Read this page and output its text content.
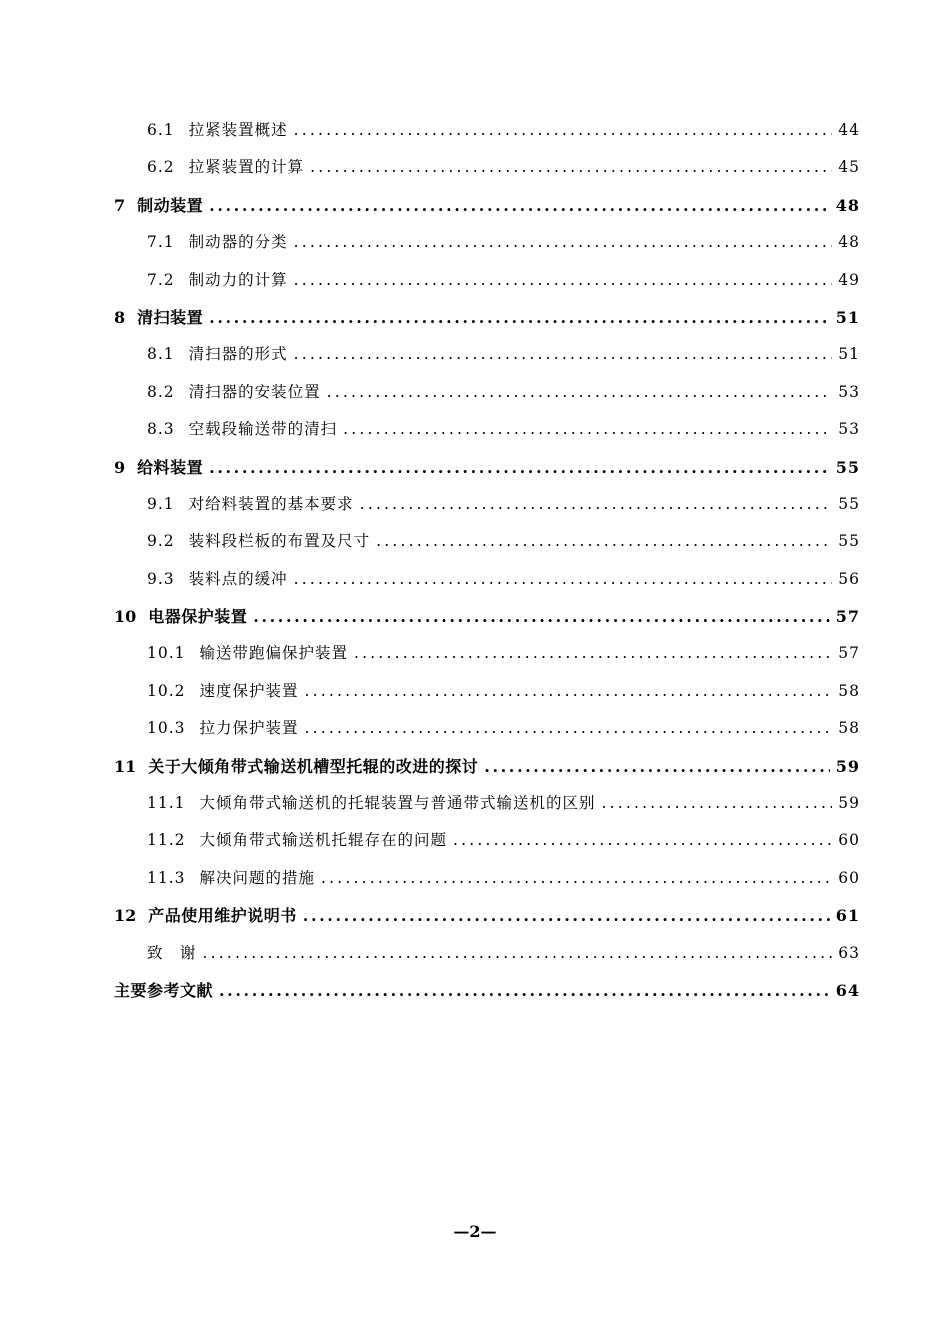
6.1 拉紧装置概述 .....	44
6.2 拉紧装置的计算 .....	45
7 制动装置 .....	48
7.1 制动器的分类 .....	48
7.2 制动力的计算 .....	49
8 清扫装置 .....	51
8.1 清扫器的形式 .....	51
8.2 清扫器的安装位置 .....	53
8.3 空载段输送带的清扫 .....	53
9 给料装置 .....	55
9.1 对给料装置的基本要求 .....	55
9.2 装料段栏板的布置及尺寸 .....	55
9.3 装料点的缓冲 .....	56
10 电器保护装置 .....	57
10.1 输送带跑偏保护装置 .....	57
10.2 速度保护装置 .....	58
10.3 拉力保护装置 .....	58
11 关于大倾角带式输送机槽型托辊的改进的探讨 .....	59
11.1 大倾角带式输送机的托辊装置与普通带式输送机的区别 .....	59
11.2 大倾角带式输送机托辊存在的问题 .....	60
11.3 解决问题的措施 .....	60
12 产品使用维护说明书 .....	61
致　谢 .....	63
主要参考文献 .....	64
—2—
